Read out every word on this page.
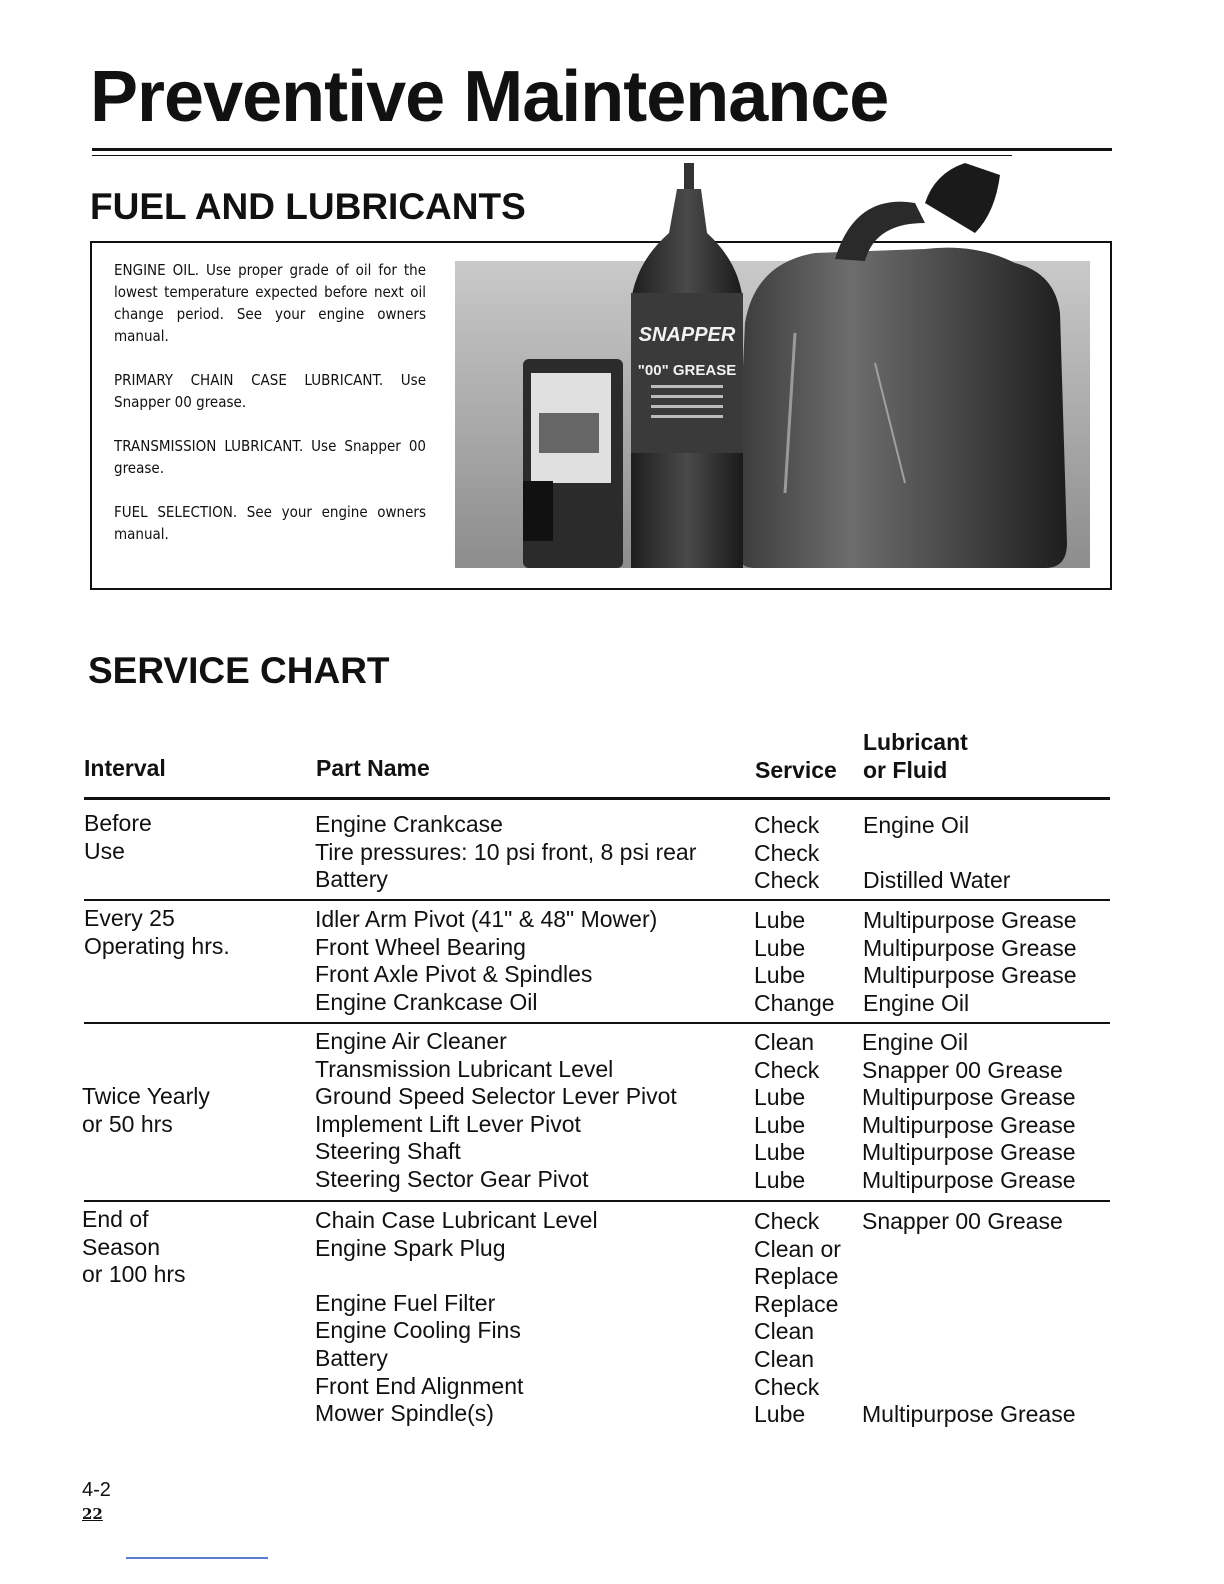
Preventive Maintenance
FUEL AND LUBRICANTS

ENGINE OIL. Use proper grade of oil for the lowest temperature expected before next oil change period. See your engine owners manual.

PRIMARY CHAIN CASE LUBRICANT. Use Snapper 00 grease.

TRANSMISSION LUBRICANT. Use Snapper 00 grease.

FUEL SELECTION. See your engine owners manual.

SNAPPER
"00" GREASE
SERVICE CHART
Interval	Part Name	Service
Lubricant
or Fluid
Before
Use
Engine Crankcase
Tire pressures: 10 psi front, 8 psi rear
Battery
Check
Check
Check
Engine Oil
Distilled Water
Every 25
Operating hrs.
Idler Arm Pivot (41" & 48" Mower)
Front Wheel Bearing
Front Axle Pivot & Spindles
Engine Crankcase Oil
Lube
Lube
Lube
Change
Multipurpose Grease
Multipurpose Grease
Multipurpose Grease
Engine Oil
Twice Yearly
or 50 hrs
Engine Air Cleaner
Transmission Lubricant Level
Ground Speed Selector Lever Pivot
Implement Lift Lever Pivot
Steering Shaft
Steering Sector Gear Pivot
Clean
Check
Lube
Lube
Lube
Lube
Engine Oil
Snapper 00 Grease
Multipurpose Grease
Multipurpose Grease
Multipurpose Grease
Multipurpose Grease
End of
Season
or 100 hrs
Chain Case Lubricant Level
Engine Spark Plug
Engine Fuel Filter
Engine Cooling Fins
Battery
Front End Alignment
Mower Spindle(s)
Check
Clean or
Replace
Replace
Clean
Clean
Check
Lube
Snapper 00 Grease
Multipurpose Grease
4-2
22
